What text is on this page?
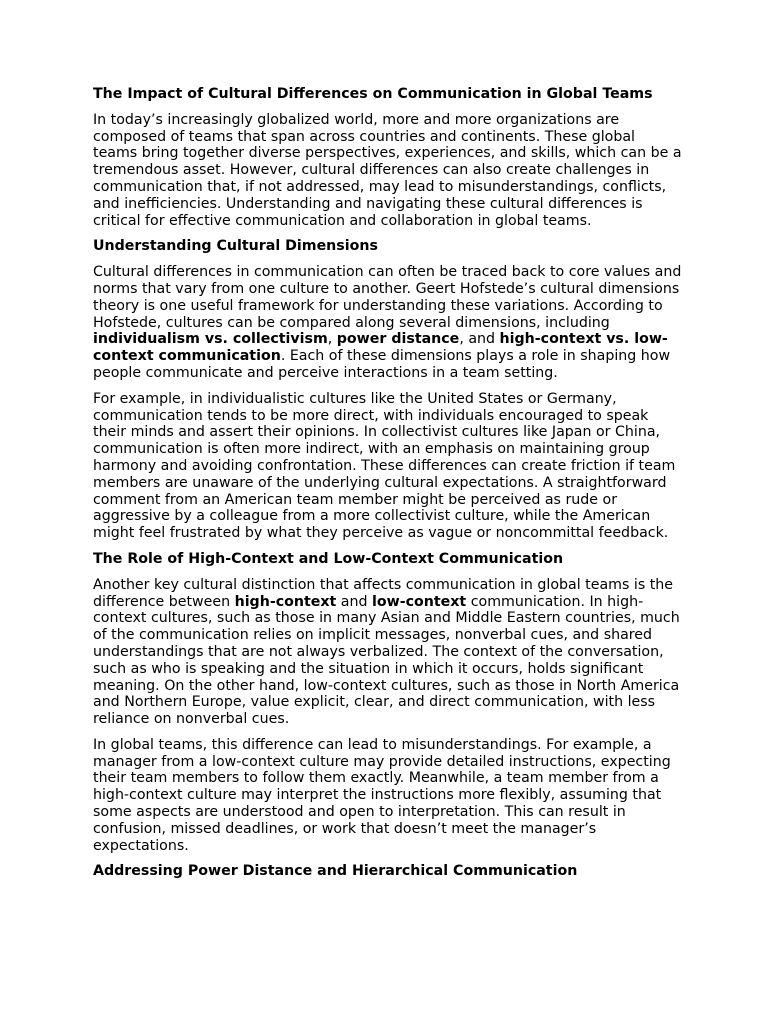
The Impact of Cultural Differences on Communication in Global Teams
In today’s increasingly globalized world, more and more organizations are composed of teams that span across countries and continents. These global teams bring together diverse perspectives, experiences, and skills, which can be a tremendous asset. However, cultural differences can also create challenges in communication that, if not addressed, may lead to misunderstandings, conflicts, and inefficiencies. Understanding and navigating these cultural differences is critical for effective communication and collaboration in global teams.
Understanding Cultural Dimensions
Cultural differences in communication can often be traced back to core values and norms that vary from one culture to another. Geert Hofstede’s cultural dimensions theory is one useful framework for understanding these variations. According to Hofstede, cultures can be compared along several dimensions, including individualism vs. collectivism, power distance, and high-context vs. low-context communication. Each of these dimensions plays a role in shaping how people communicate and perceive interactions in a team setting.
For example, in individualistic cultures like the United States or Germany, communication tends to be more direct, with individuals encouraged to speak their minds and assert their opinions. In collectivist cultures like Japan or China, communication is often more indirect, with an emphasis on maintaining group harmony and avoiding confrontation. These differences can create friction if team members are unaware of the underlying cultural expectations. A straightforward comment from an American team member might be perceived as rude or aggressive by a colleague from a more collectivist culture, while the American might feel frustrated by what they perceive as vague or noncommittal feedback.
The Role of High-Context and Low-Context Communication
Another key cultural distinction that affects communication in global teams is the difference between high-context and low-context communication. In high-context cultures, such as those in many Asian and Middle Eastern countries, much of the communication relies on implicit messages, nonverbal cues, and shared understandings that are not always verbalized. The context of the conversation, such as who is speaking and the situation in which it occurs, holds significant meaning. On the other hand, low-context cultures, such as those in North America and Northern Europe, value explicit, clear, and direct communication, with less reliance on nonverbal cues.
In global teams, this difference can lead to misunderstandings. For example, a manager from a low-context culture may provide detailed instructions, expecting their team members to follow them exactly. Meanwhile, a team member from a high-context culture may interpret the instructions more flexibly, assuming that some aspects are understood and open to interpretation. This can result in confusion, missed deadlines, or work that doesn’t meet the manager’s expectations.
Addressing Power Distance and Hierarchical Communication
